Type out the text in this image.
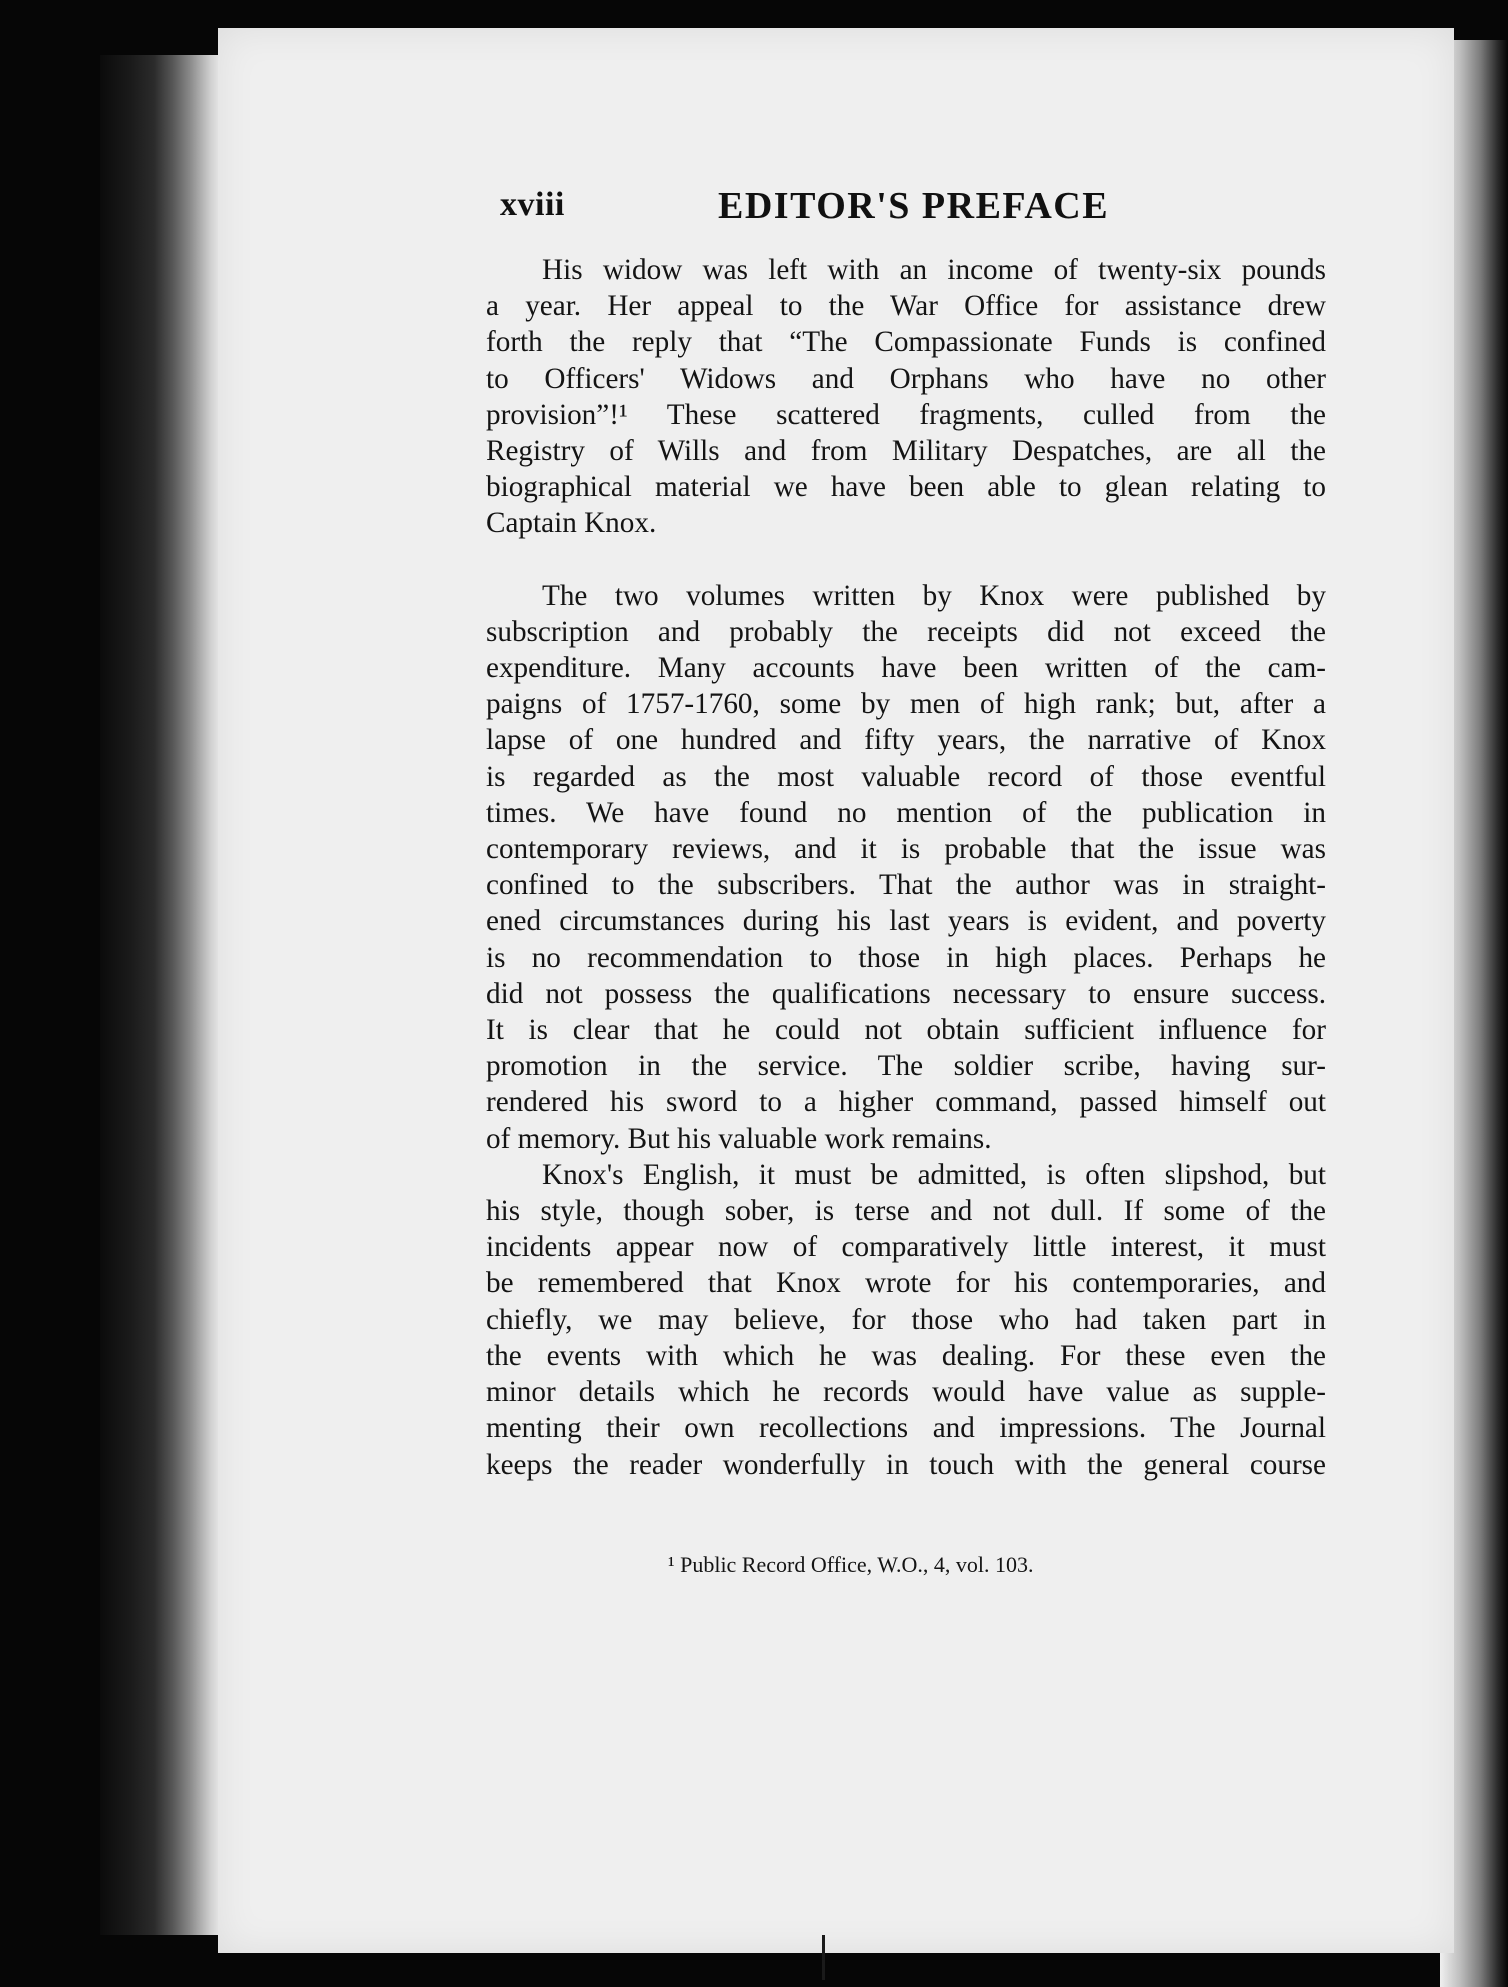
xviii	EDITOR'S PREFACE
His widow was left with an income of twenty-six pounds
a year. Her appeal to the War Office for assistance drew
forth the reply that “The Compassionate Funds is confined
to Officers' Widows and Orphans who have no other
provision”!¹ These scattered fragments, culled from the
Registry of Wills and from Military Despatches, are all the
biographical material we have been able to glean relating to
Captain Knox.
The two volumes written by Knox were published by
subscription and probably the receipts did not exceed the
expenditure. Many accounts have been written of the cam-
paigns of 1757-1760, some by men of high rank; but, after a
lapse of one hundred and fifty years, the narrative of Knox
is regarded as the most valuable record of those eventful
times. We have found no mention of the publication in
contemporary reviews, and it is probable that the issue was
confined to the subscribers. That the author was in straight-
ened circumstances during his last years is evident, and poverty
is no recommendation to those in high places. Perhaps he
did not possess the qualifications necessary to ensure success.
It is clear that he could not obtain sufficient influence for
promotion in the service. The soldier scribe, having sur-
rendered his sword to a higher command, passed himself out
of memory. But his valuable work remains.
Knox's English, it must be admitted, is often slipshod, but
his style, though sober, is terse and not dull. If some of the
incidents appear now of comparatively little interest, it must
be remembered that Knox wrote for his contemporaries, and
chiefly, we may believe, for those who had taken part in
the events with which he was dealing. For these even the
minor details which he records would have value as supple-
menting their own recollections and impressions. The Journal
keeps the reader wonderfully in touch with the general course
¹ Public Record Office, W.O., 4, vol. 103.
